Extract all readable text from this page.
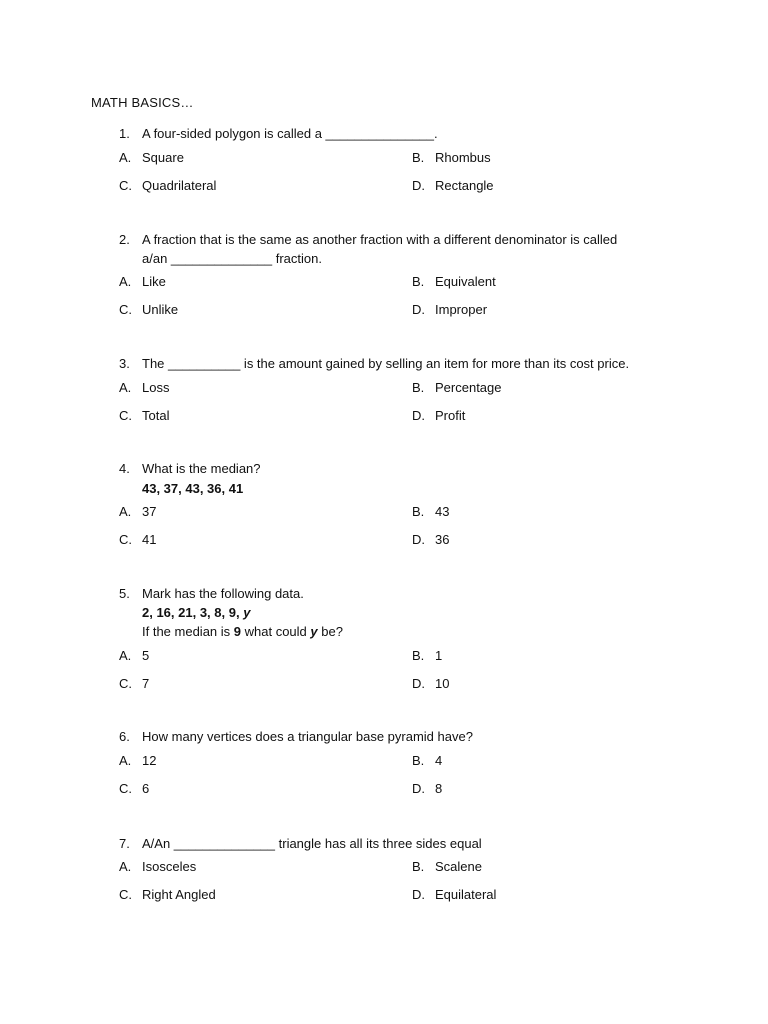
MATH BASICS…
1. A four-sided polygon is called a _______________.
A. Square	B. Rhombus
C. Quadrilateral	D. Rectangle
2. A fraction that is the same as another fraction with a different denominator is called
a/an ______________ fraction.
A. Like	B. Equivalent
C. Unlike	D. Improper
3. The __________ is the amount gained by selling an item for more than its cost price.
A. Loss	B. Percentage
C. Total	D. Profit
4. What is the median?
43, 37, 43, 36, 41
A. 37	B. 43
C. 41	D. 36
5. Mark has the following data.
2, 16, 21, 3, 8, 9, y
If the median is 9 what could y be?
A. 5	B. 1
C. 7	D. 10
6. How many vertices does a triangular base pyramid have?
A. 12	B. 4
C. 6	D. 8
7. A/An ______________ triangle has all its three sides equal
A. Isosceles	B. Scalene
C. Right Angled	D. Equilateral
